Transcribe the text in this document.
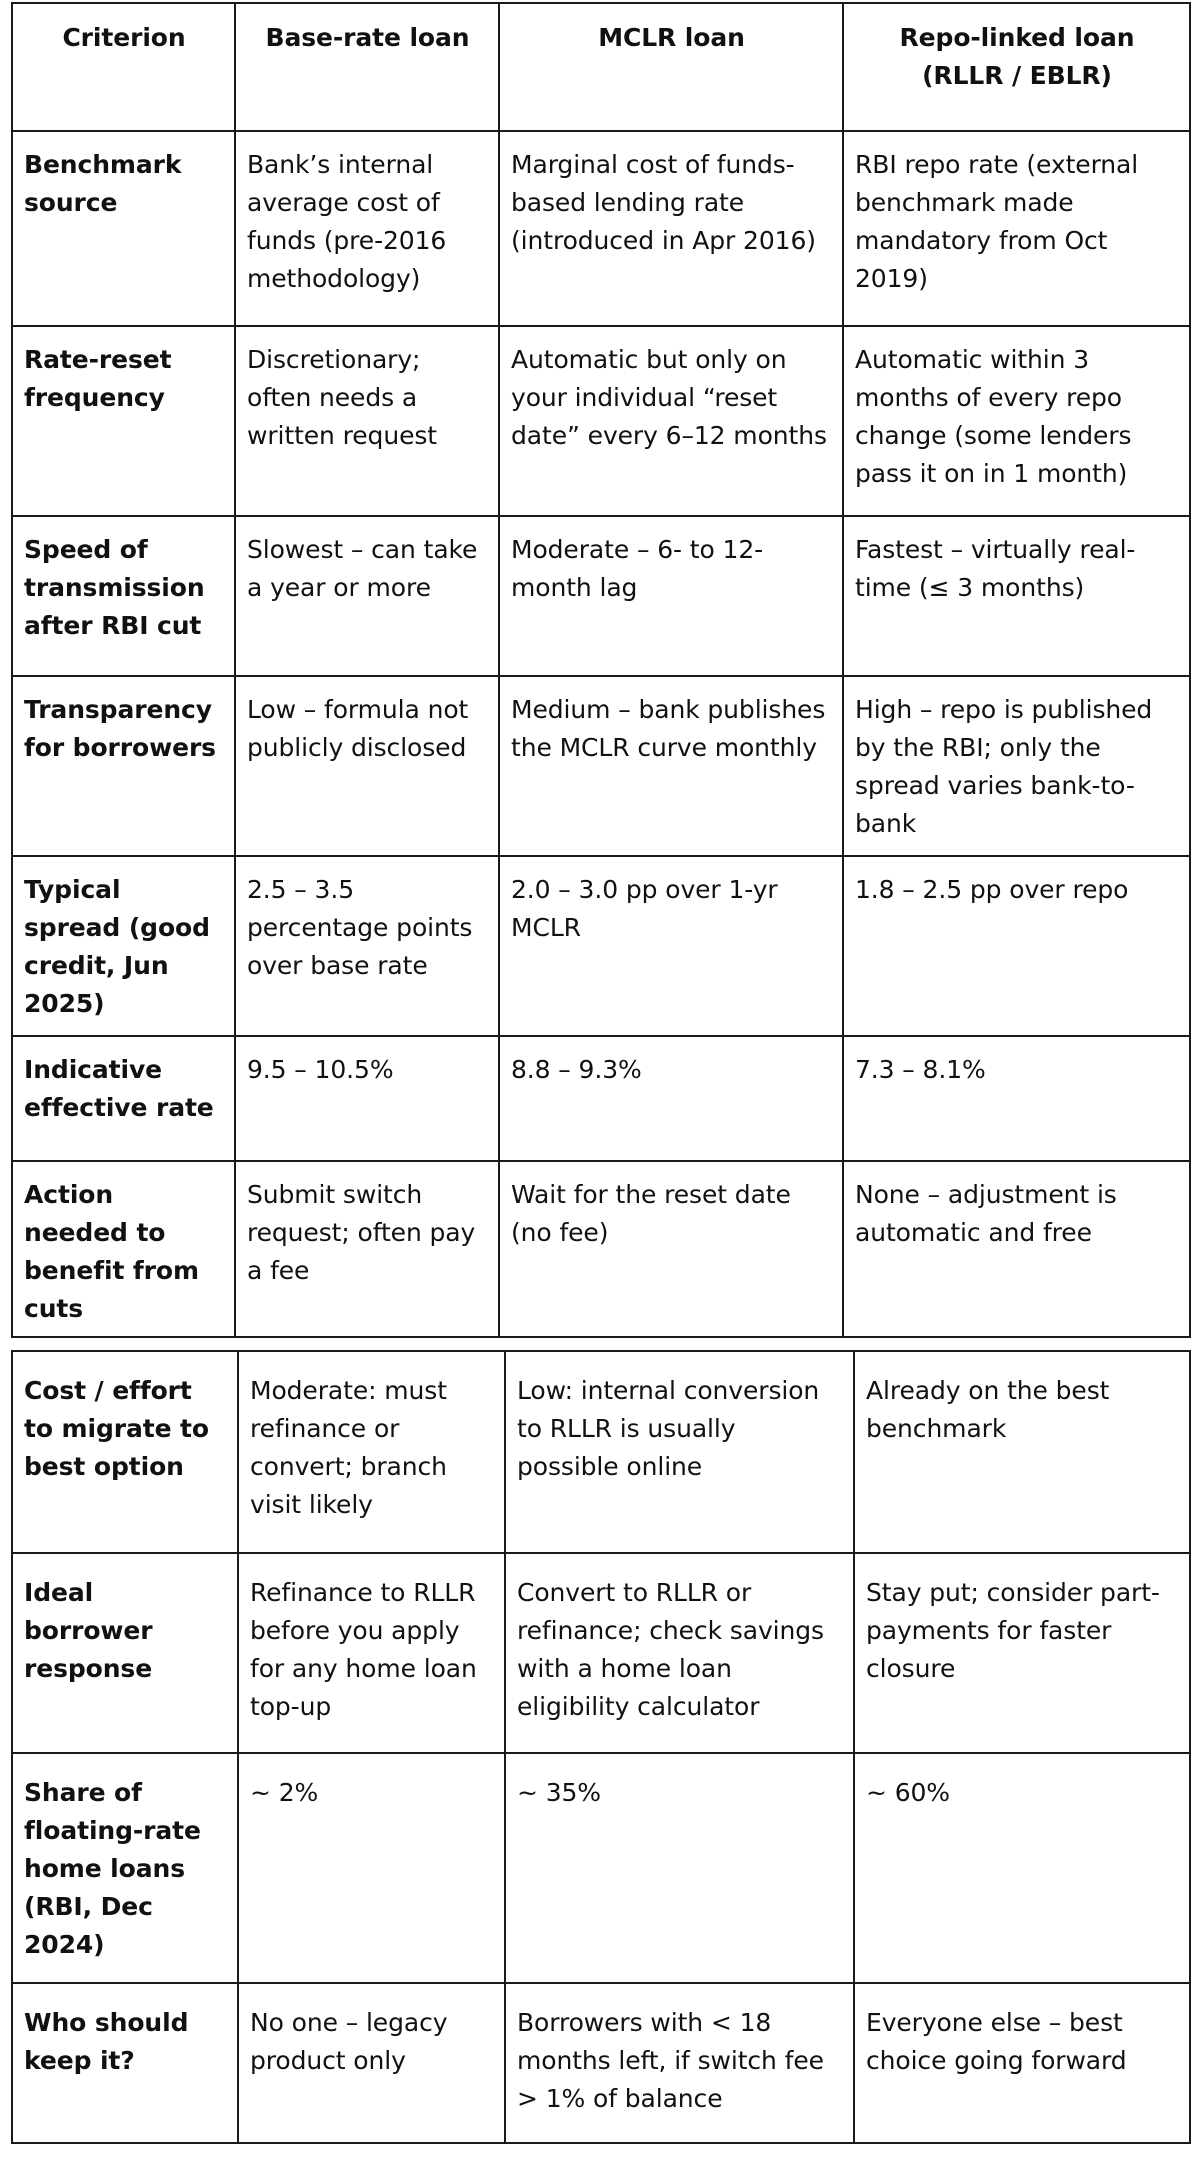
Criterion	Base-rate loan	MCLR loan	Repo-linked loan (RLLR / EBLR)
Benchmark source	Bank’s internal average cost of funds (pre-2016 methodology)	Marginal cost of funds-based lending rate (introduced in Apr 2016)	RBI repo rate (external benchmark made mandatory from Oct 2019)
Rate-reset frequency	Discretionary; often needs a written request	Automatic but only on your individual “reset date” every 6–12 months	Automatic within 3 months of every repo change (some lenders pass it on in 1 month)
Speed of transmission after RBI cut	Slowest – can take a year or more	Moderate – 6- to 12-month lag	Fastest – virtually real-time (≤ 3 months)
Transparency for borrowers	Low – formula not publicly disclosed	Medium – bank publishes the MCLR curve monthly	High – repo is published by the RBI; only the spread varies bank-to-bank
Typical spread (good credit, Jun 2025)	2.5 – 3.5 percentage points over base rate	2.0 – 3.0 pp over 1-yr MCLR	1.8 – 2.5 pp over repo
Indicative effective rate	9.5 – 10.5%	8.8 – 9.3%	7.3 – 8.1%
Action needed to benefit from cuts	Submit switch request; often pay a fee	Wait for the reset date (no fee)	None – adjustment is automatic and free
Cost / effort to migrate to best option	Moderate: must refinance or convert; branch visit likely	Low: internal conversion to RLLR is usually possible online	Already on the best benchmark
Ideal borrower response	Refinance to RLLR before you apply for any home loan top-up	Convert to RLLR or refinance; check savings with a home loan eligibility calculator	Stay put; consider part-payments for faster closure
Share of floating-rate home loans (RBI, Dec 2024)	~ 2%	~ 35%	~ 60%
Who should keep it?	No one – legacy product only	Borrowers with < 18 months left, if switch fee > 1% of balance	Everyone else – best choice going forward
